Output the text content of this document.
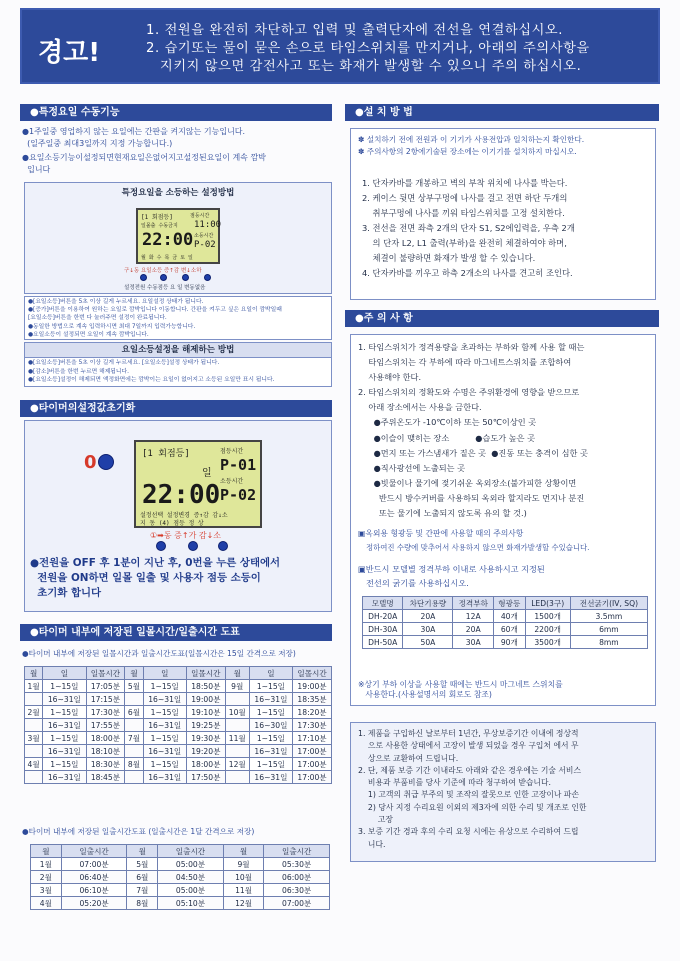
경고!
1. 전원을 완전히 차단하고 입력 및 출력단자에 전선을 연결하십시오.
2. 습기또는 물이 묻은 손으로 타임스위치를 만지거나, 아래의 주의사항을
지키지 않으면 감전사고 또는 화재가 발생할 수 있으니 주의 하십시오.
●특정요일 수동기능
●1주일중 영업하지 않는 요일에는 간판을 켜지않는 기능입니다.
(일주일중 최대3일까지 지정 가능합니다.)
●요일소등기능이설정되면현재요일은없어지고설정된요일이 계속 깜박
입니다
특정요일을 소등하는 설정방법
[1 회점등]	점등시간
일몰출 수동금지 11:00
22:00 소등시간
P-02
월 화 수 목 금 토 일
구↓동 요일소등 증↑감 변↓소하
설정전원 수동점등 요 일 변동없음
●[요일소등]버튼을 5초 이상 길게 누르세요. 요일설정 상태가 됩니다.
●[증가]버튼을 이용하여 원하는 요일로 깜박입니다 이동합니다. 간판을 켜두고 싶은 요일이 깜박일때
[요일소등]버튼을 한번 다 눌러주면 설정이 완료됩니다.
●동일한 방법으로 계속 입력하시면 최대 7일까지 입력가능합니다.
●요일소등이 설정되면 요일이 계속 깜박입니다.
요일소등설정을 해제하는 방법
●[요일소등]버튼을 5초 이상 길게 누르세요. [요일소등]설정 상태가 됩니다.
●[감소]버튼을 한번 누르면 해제됩니다.
●[요일소등]설정이 해제되면 액정화면에는 깜박이는 요일이 없어지고 소등된 요일만 표시 됩니다.
●타이머의설정값초기화
0	[1 회점등]	점등시간
일 P-01
소등시간
22:00 P-02
설정선택 설정변경 증↑감 감↓소
지 동 (4) 점등 정 상
①➡동 증↑가 감↓소
●전원을 OFF 후 1분이 지난 후, 0번을 누른 상태에서
전원을 ON하면 일몰 일출 및 사용자 점등 소등이
초기화 합니다
●타이머 내부에 저장된 일몰시간/일출시간 도표
●타이머 내부에 저장된 일몰시간과 일출시간도표(일몰시간은 15일 간격으로 저장)
월	일	일몰시간	월	일	일몰시간	월	일	일몰시간
1월	1~15일	17:05분	5월	1~15일	18:50분	9월	1~15일	19:00분
	16~31일	17:15분		16~31일	19:00분		16~31일	18:35분
2월	1~15일	17:30분	6월	1~15일	19:10분	10월	1~15일	18:20분
	16~31일	17:55분		16~31일	19:25분		16~30일	17:30분
3월	1~15일	18:00분	7월	1~15일	19:30분	11월	1~15일	17:10분
	16~31일	18:10분		16~31일	19:20분		16~31일	17:00분
4월	1~15일	18:30분	8월	1~15일	18:00분	12월	1~15일	17:00분
	16~31일	18:45분		16~31일	17:50분		16~31일	17:00분
●타이머 내부에 저장된 일출시간도표 (일출시간은 1달 간격으로 저장)
월	일출시간	월	일출시간	월	일출시간
1월	07:00분	5월	05:00분	9월	05:30분
2월	06:40분	6월	04:50분	10월	06:00분
3월	06:10분	7월	05:00분	11월	06:30분
4월	05:20분	8월	05:10분	12월	07:00분
●설 치 방 법
✽ 설치하기 전에 전원과 이 기기가 사용전압과 일치하는지 확인한다.
✽ 주의사항의 2항에기술된 장소에는 이기기를 설치하지 마십시오.
1. 단자카바를 개봉하고 벽의 부착 위치에 나사를 박는다.
2. 케이스 뒷면 상부구멍에 나사를 걸고 전면 하단 두개의
취부구멍에 나사를 끼워 타임스위치를 고정 설치한다.
3. 전선을 전면 좌측 2개의 단자 S1, S2에입력을, 우측 2개
의 단자 L2, L1 출력(부하)을 완전히 체결하여야 하며,
체결이 불량하면 화재가 발생 할 수 있습니다.
4. 단자카바를 끼우고 하측 2개소의 나사를 견고히 조인다.
●주 의 사 항
1. 타임스위치가 정격용량을 초과하는 부하와 함께 사용 할 때는
타임스위치는 각 부하에 따라 마그네트스위치를 조합하여
사용해야 한다.
2. 타임스위치의 정확도와 수명은 주위환경에 영향을 받으므로
아래 장소에서는 사용을 금한다.
●주위온도가 -10℃이하 또는 50℃이상인 곳
●이슬이 맺히는 장소          ●습도가 높은 곳
●먼지 또는 가스냄새가 짙은 곳  ●진동 또는 충격이 심한 곳
●직사광선에 노출되는 곳
●빗물이나 물기에 젖기쉬운 옥외장소(불가피한 상황이면
반드시 방수커버를 사용하되 옥외라 할지라도 먼지나 분진
또는 물기에 노출되지 않도록 유의 할 것.)
▣옥외용 형광등 및 간판에 사용할 때의 주의사항
정하여진 수량에 맞추어서 사용하지 않으면 화재가발생할 수있습니다.
▣반드시 모델별 정격부하 이내로 사용하시고 지정된
전선의 굵기를 사용하십시오.
모델명	차단기용량	정격부하	형광등	LED(3구)	전선굵기(IV, SQ)
DH-20A	20A	12A	40개	1500개	3.5mm
DH-30A	30A	20A	60개	2200개	6mm
DH-50A	50A	30A	90개	3500개	8mm
※상기 부하 이상을 사용할 때에는 반드시 마그네트 스위치를
사용한다.(사용설명서의 회로도 참조)
1. 제품을 구입하신 날로부터 1년간, 무상보증기간 이내에 정상적
으로 사용한 상태에서 고장이 발생 되었을 경우 구입처 에서 무
상으로 교환하여 드립니다.
2. 단, 제품 보증 기간 이내라도 아래와 같은 경우에는 기술 서비스
비용과 부품비를 당사 기준에 따라 청구하여 받습니다.
1) 고객의 취급 부주의 및 조작의 잘못으로 인한 고장이나 파손
2) 당사 지정 수리요원 이외의 제3자에 의한 수리 및 개조로 인한
고장
3. 보증 기간 경과 후의 수리 요청 시에는 유상으로 수리하여 드립
니다.
